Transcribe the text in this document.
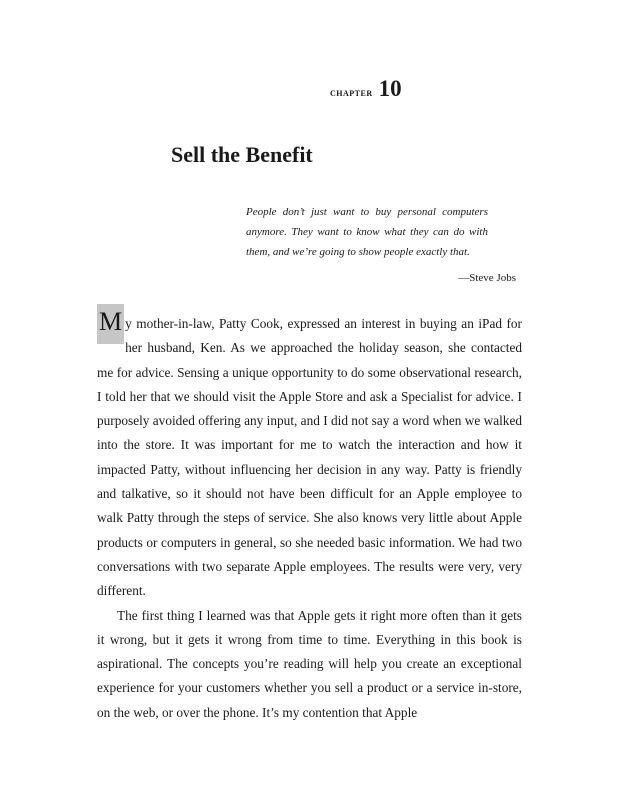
chapter 10
Sell the Benefit

People don’t just want to buy personal computers anymore. They want to know what they can do with them, and we’re going to show people exactly that.

—Steve Jobs

M y mother-in-law, Patty Cook, expressed an interest in buying an iPad for her husband, Ken. As we approached the holiday season, she contacted me for advice. Sensing a unique opportunity to do some observational research, I told her that we should visit the Apple Store and ask a Specialist for advice. I purposely avoided offering any input, and I did not say a word when we walked into the store. It was important for me to watch the interaction and how it impacted Patty, without influencing her decision in any way. Patty is friendly and talkative, so it should not have been difficult for an Apple employee to walk Patty through the steps of service. She also knows very little about Apple products or computers in general, so she needed basic information. We had two conversations with two separate Apple employees. The results were very, very different.

The first thing I learned was that Apple gets it right more often than it gets it wrong, but it gets it wrong from time to time. Everything in this book is aspirational. The concepts you’re reading will help you create an exceptional experience for your customers whether you sell a product or a service in-store, on the web, or over the phone. It’s my contention that Apple
